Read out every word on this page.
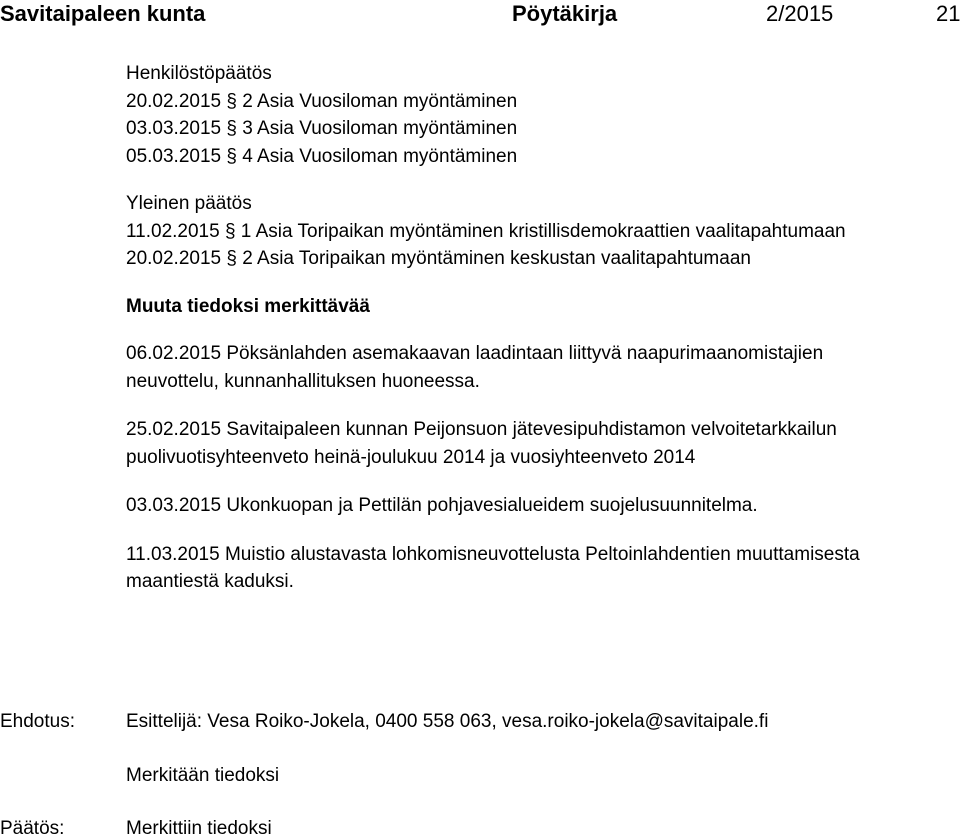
Savitaipaleen kunta	Pöytäkirja	2/2015	21
Henkilöstöpäätös
20.02.2015 § 2 Asia Vuosiloman myöntäminen
03.03.2015 § 3 Asia Vuosiloman myöntäminen
05.03.2015 § 4 Asia Vuosiloman myöntäminen
Yleinen päätös
11.02.2015 § 1 Asia Toripaikan myöntäminen kristillisdemokraattien vaalitapahtumaan
20.02.2015 § 2 Asia Toripaikan myöntäminen keskustan vaalitapahtumaan
Muuta tiedoksi merkittävää
06.02.2015 Pöksänlahden asemakaavan laadintaan liittyvä naapurimaanomistajien neuvottelu, kunnanhallituksen huoneessa.
25.02.2015 Savitaipaleen kunnan Peijonsuon jätevesipuhdistamon velvoitetarkkailun puolivuotisyhteenveto heinä-joulukuu 2014 ja vuosiyhteenveto 2014
03.03.2015 Ukonkuopan ja Pettilän pohjavesialueidem suojelusuunnitelma.
11.03.2015 Muistio alustavasta lohkomisneuvottelusta Peltoinlahdentien muuttamisesta maantiestä kaduksi.
Ehdotus:	Esittelijä: Vesa Roiko-Jokela, 0400 558 063, vesa.roiko-jokela@savitaipale.fi
Merkitään tiedoksi
Päätös:	Merkittiin tiedoksi
